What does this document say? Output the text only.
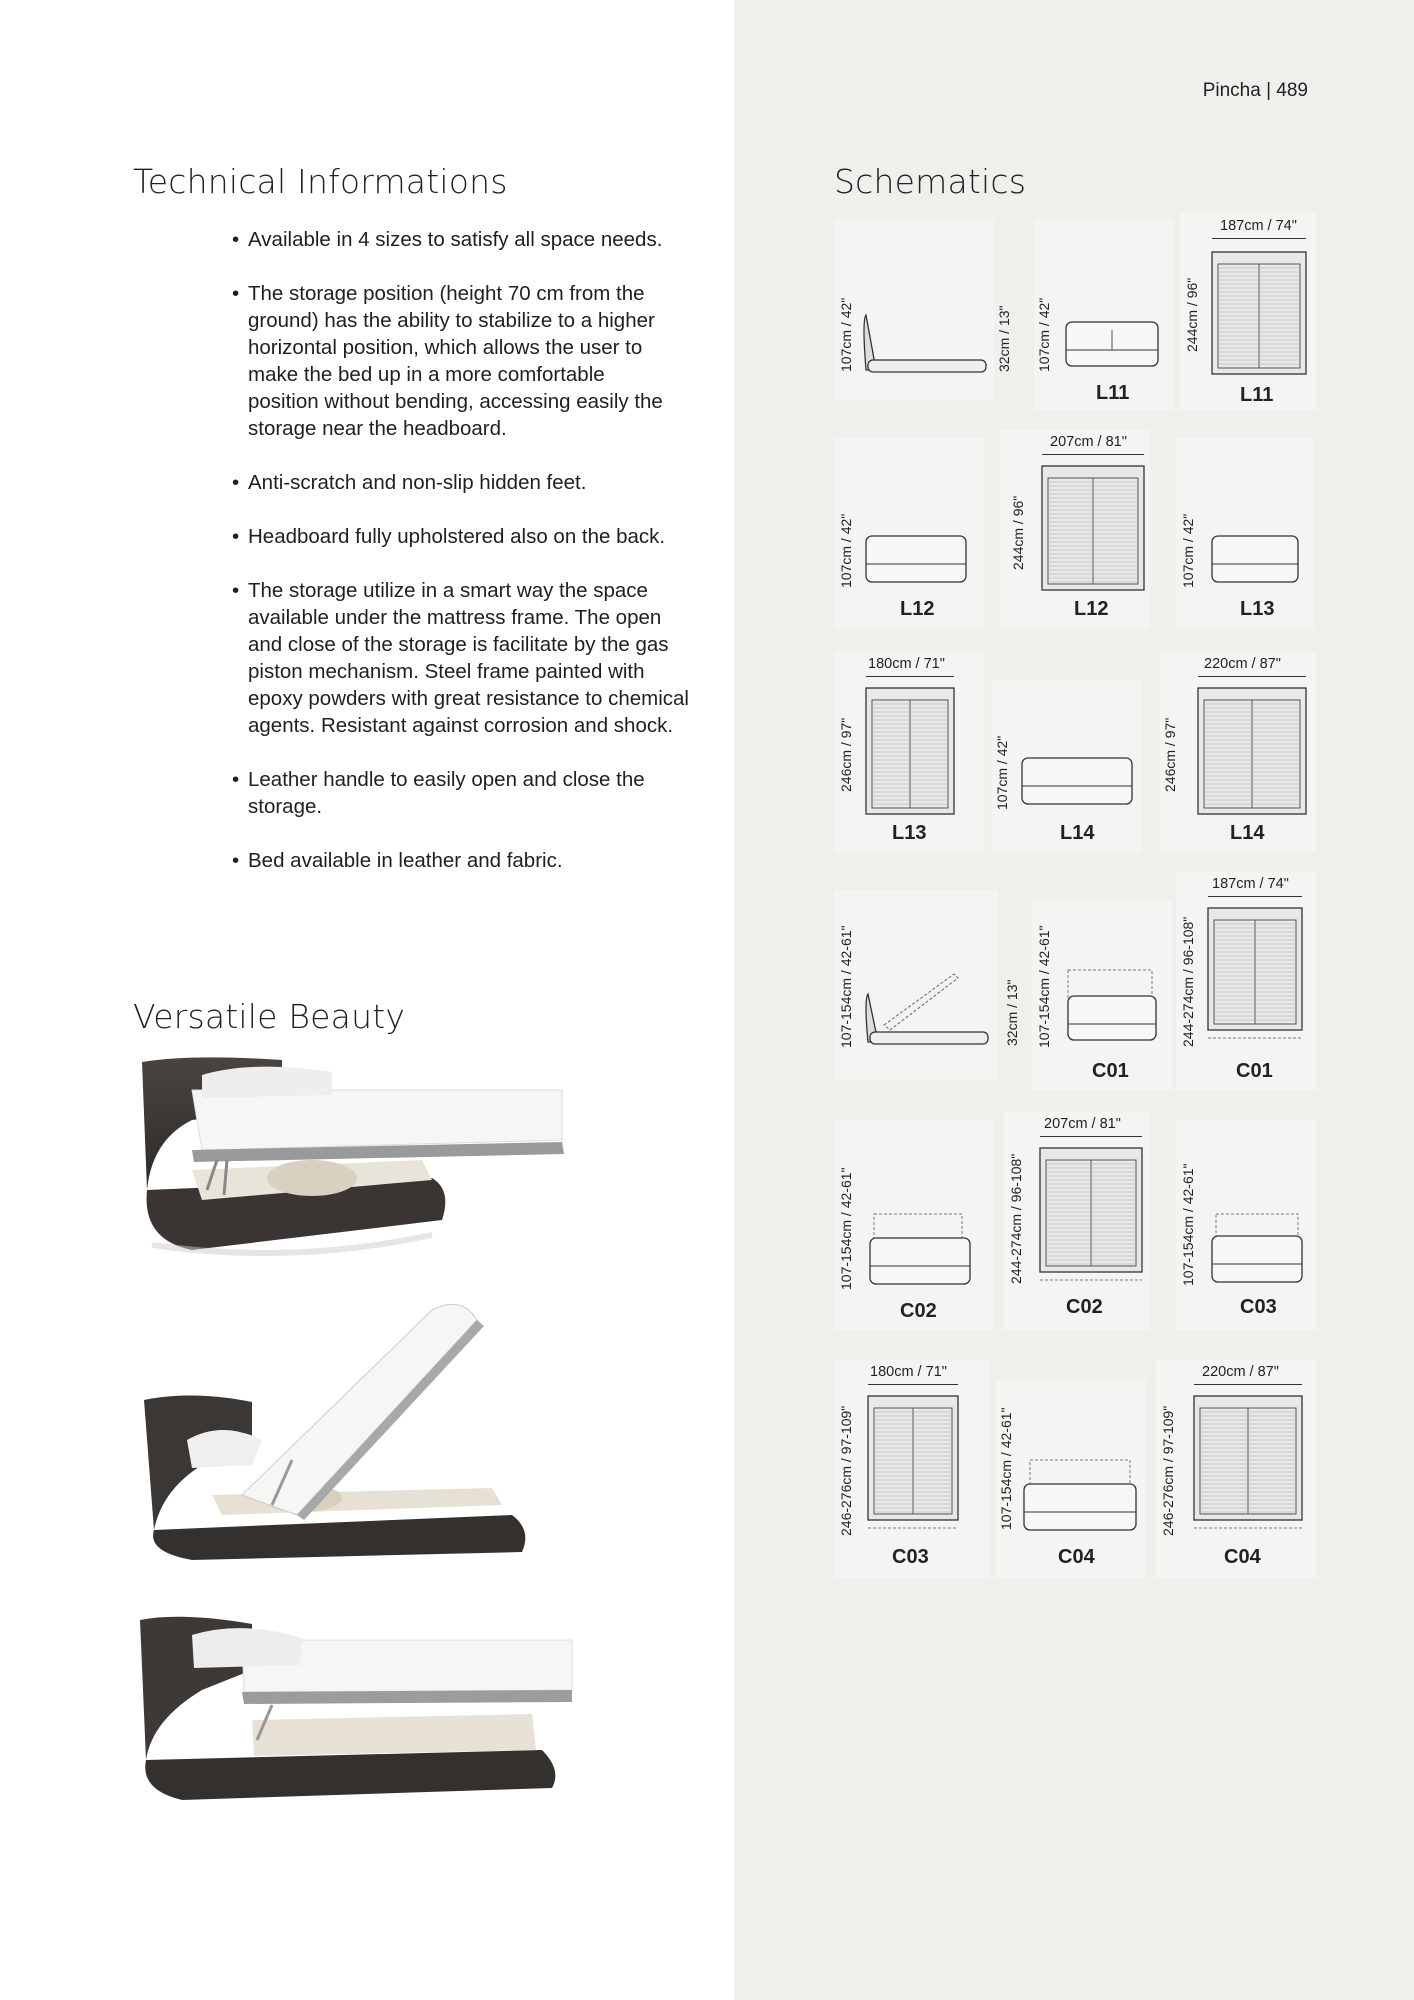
Pincha | 489
Technical Informations
• Available in 4 sizes to satisfy all space needs.
• The storage position (height 70 cm from the ground) has the ability to stabilize to a higher horizontal position, which allows the user to make the bed up in a more comfortable position without bending, accessing easily the storage near the headboard.
• Anti-scratch and non-slip hidden feet.
• Headboard fully upholstered also on the back.
• The storage utilize in a smart way the space available under the mattress frame. The open and close of the storage is facilitate by the gas piston mechanism. Steel frame painted with epoxy powders with great resistance to chemical agents. Resistant against corrosion and shock.
• Leather handle to easily open and close the storage.
• Bed available in leather and fabric.
Versatile Beauty
Schematics
107cm / 42"	32cm / 13" 107cm / 42"
L11
187cm / 74"
244cm / 96"
L11
107cm / 42"
L12
207cm / 81"
244cm / 96"
L12
107cm / 42"
L13
180cm / 71"
246cm / 97"
L13
107cm / 42"
L14
220cm / 87"
246cm / 97"
L14
107-154cm / 42-61"	32cm / 13" 107-154cm / 42-61"
C01
187cm / 74"
244-274cm / 96-108"
C01
107-154cm / 42-61"
C02
207cm / 81"
244-274cm / 96-108"
C02
107-154cm / 42-61"
C03
180cm / 71"
246-276cm / 97-109"
C03
107-154cm / 42-61"
C04
220cm / 87"
246-276cm / 97-109"
C04
